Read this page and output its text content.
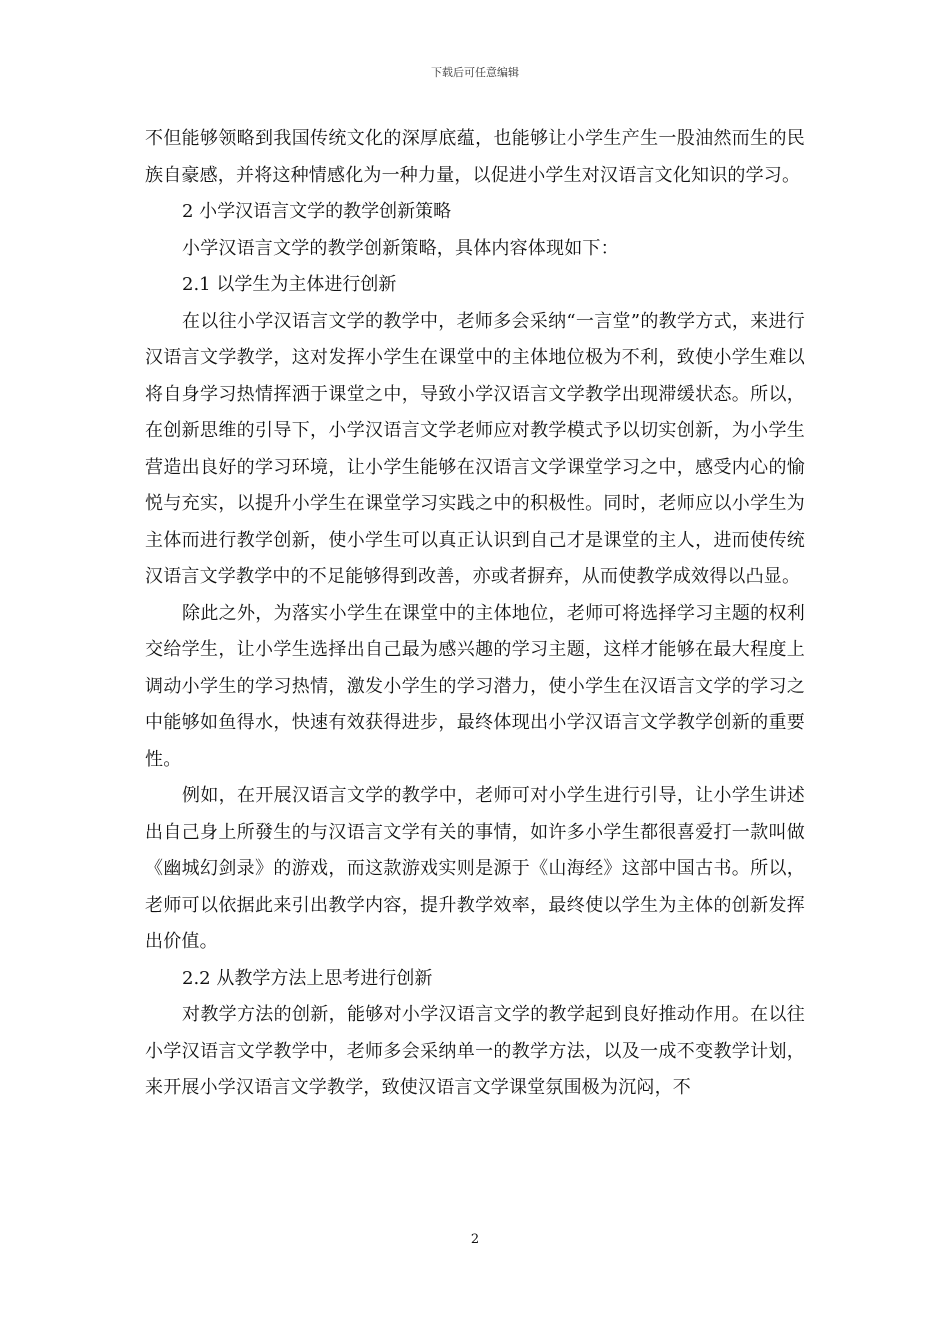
下载后可任意编辑

不但能够领略到我国传统文化的深厚底蕴，也能够让小学生产生一股油然而生的民族自豪感，并将这种情感化为一种力量，以促进小学生对汉语言文化知识的学习。

2 小学汉语言文学的教学创新策略

小学汉语言文学的教学创新策略，具体内容体现如下：

2.1 以学生为主体进行创新

在以往小学汉语言文学的教学中，老师多会采纳“一言堂”的教学方式，来进行汉语言文学教学，这对发挥小学生在课堂中的主体地位极为不利，致使小学生难以将自身学习热情挥洒于课堂之中，导致小学汉语言文学教学出现滞缓状态。所以，在创新思维的引导下，小学汉语言文学老师应对教学模式予以切实创新，为小学生营造出良好的学习环境，让小学生能够在汉语言文学课堂学习之中，感受内心的愉悦与充实，以提升小学生在课堂学习实践之中的积极性。同时，老师应以小学生为主体而进行教学创新，使小学生可以真正认识到自己才是课堂的主人，进而使传统汉语言文学教学中的不足能够得到改善，亦或者摒弃，从而使教学成效得以凸显。

除此之外，为落实小学生在课堂中的主体地位，老师可将选择学习主题的权利交给学生，让小学生选择出自己最为感兴趣的学习主题，这样才能够在最大程度上调动小学生的学习热情，激发小学生的学习潜力，使小学生在汉语言文学的学习之中能够如鱼得水，快速有效获得进步，最终体现出小学汉语言文学教学创新的重要性。

例如，在开展汉语言文学的教学中，老师可对小学生进行引导，让小学生讲述出自己身上所發生的与汉语言文学有关的事情，如许多小学生都很喜爱打一款叫做《幽城幻剑录》的游戏，而这款游戏实则是源于《山海经》这部中国古书。所以，老师可以依据此来引出教学内容，提升教学效率，最终使以学生为主体的创新发挥出价值。

2.2 从教学方法上思考进行创新

对教学方法的创新，能够对小学汉语言文学的教学起到良好推动作用。在以往小学汉语言文学教学中，老师多会采纳单一的教学方法，以及一成不变教学计划，来开展小学汉语言文学教学，致使汉语言文学课堂氛围极为沉闷，不

2
